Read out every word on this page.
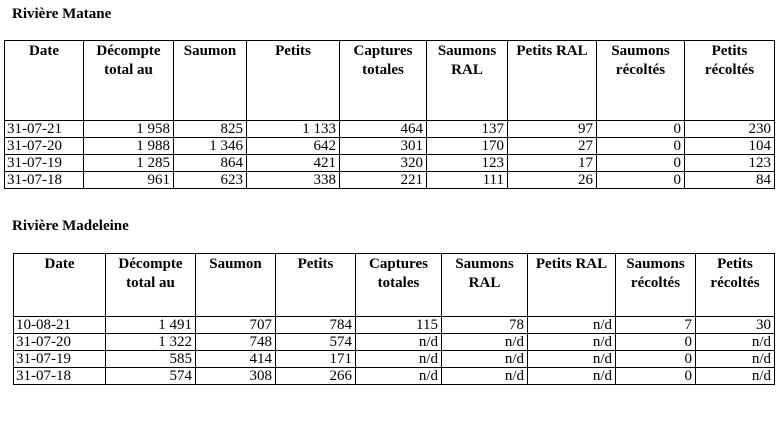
Rivière Matane
Date	Décompte total au	Saumon	Petits	Captures totales	Saumons RAL	Petits RAL	Saumons récoltés	Petits récoltés
31-07-21	1 958	825	1 133	464	137	97	0	230
31-07-20	1 988	1 346	642	301	170	27	0	104
31-07-19	1 285	864	421	320	123	17	0	123
31-07-18	961	623	338	221	111	26	0	84
Rivière Madeleine
Date	Décompte total au	Saumon	Petits	Captures totales	Saumons RAL	Petits RAL	Saumons récoltés	Petits récoltés
10-08-21	1 491	707	784	115	78	n/d	7	30
31-07-20	1 322	748	574	n/d	n/d	n/d	0	n/d
31-07-19	585	414	171	n/d	n/d	n/d	0	n/d
31-07-18	574	308	266	n/d	n/d	n/d	0	n/d
